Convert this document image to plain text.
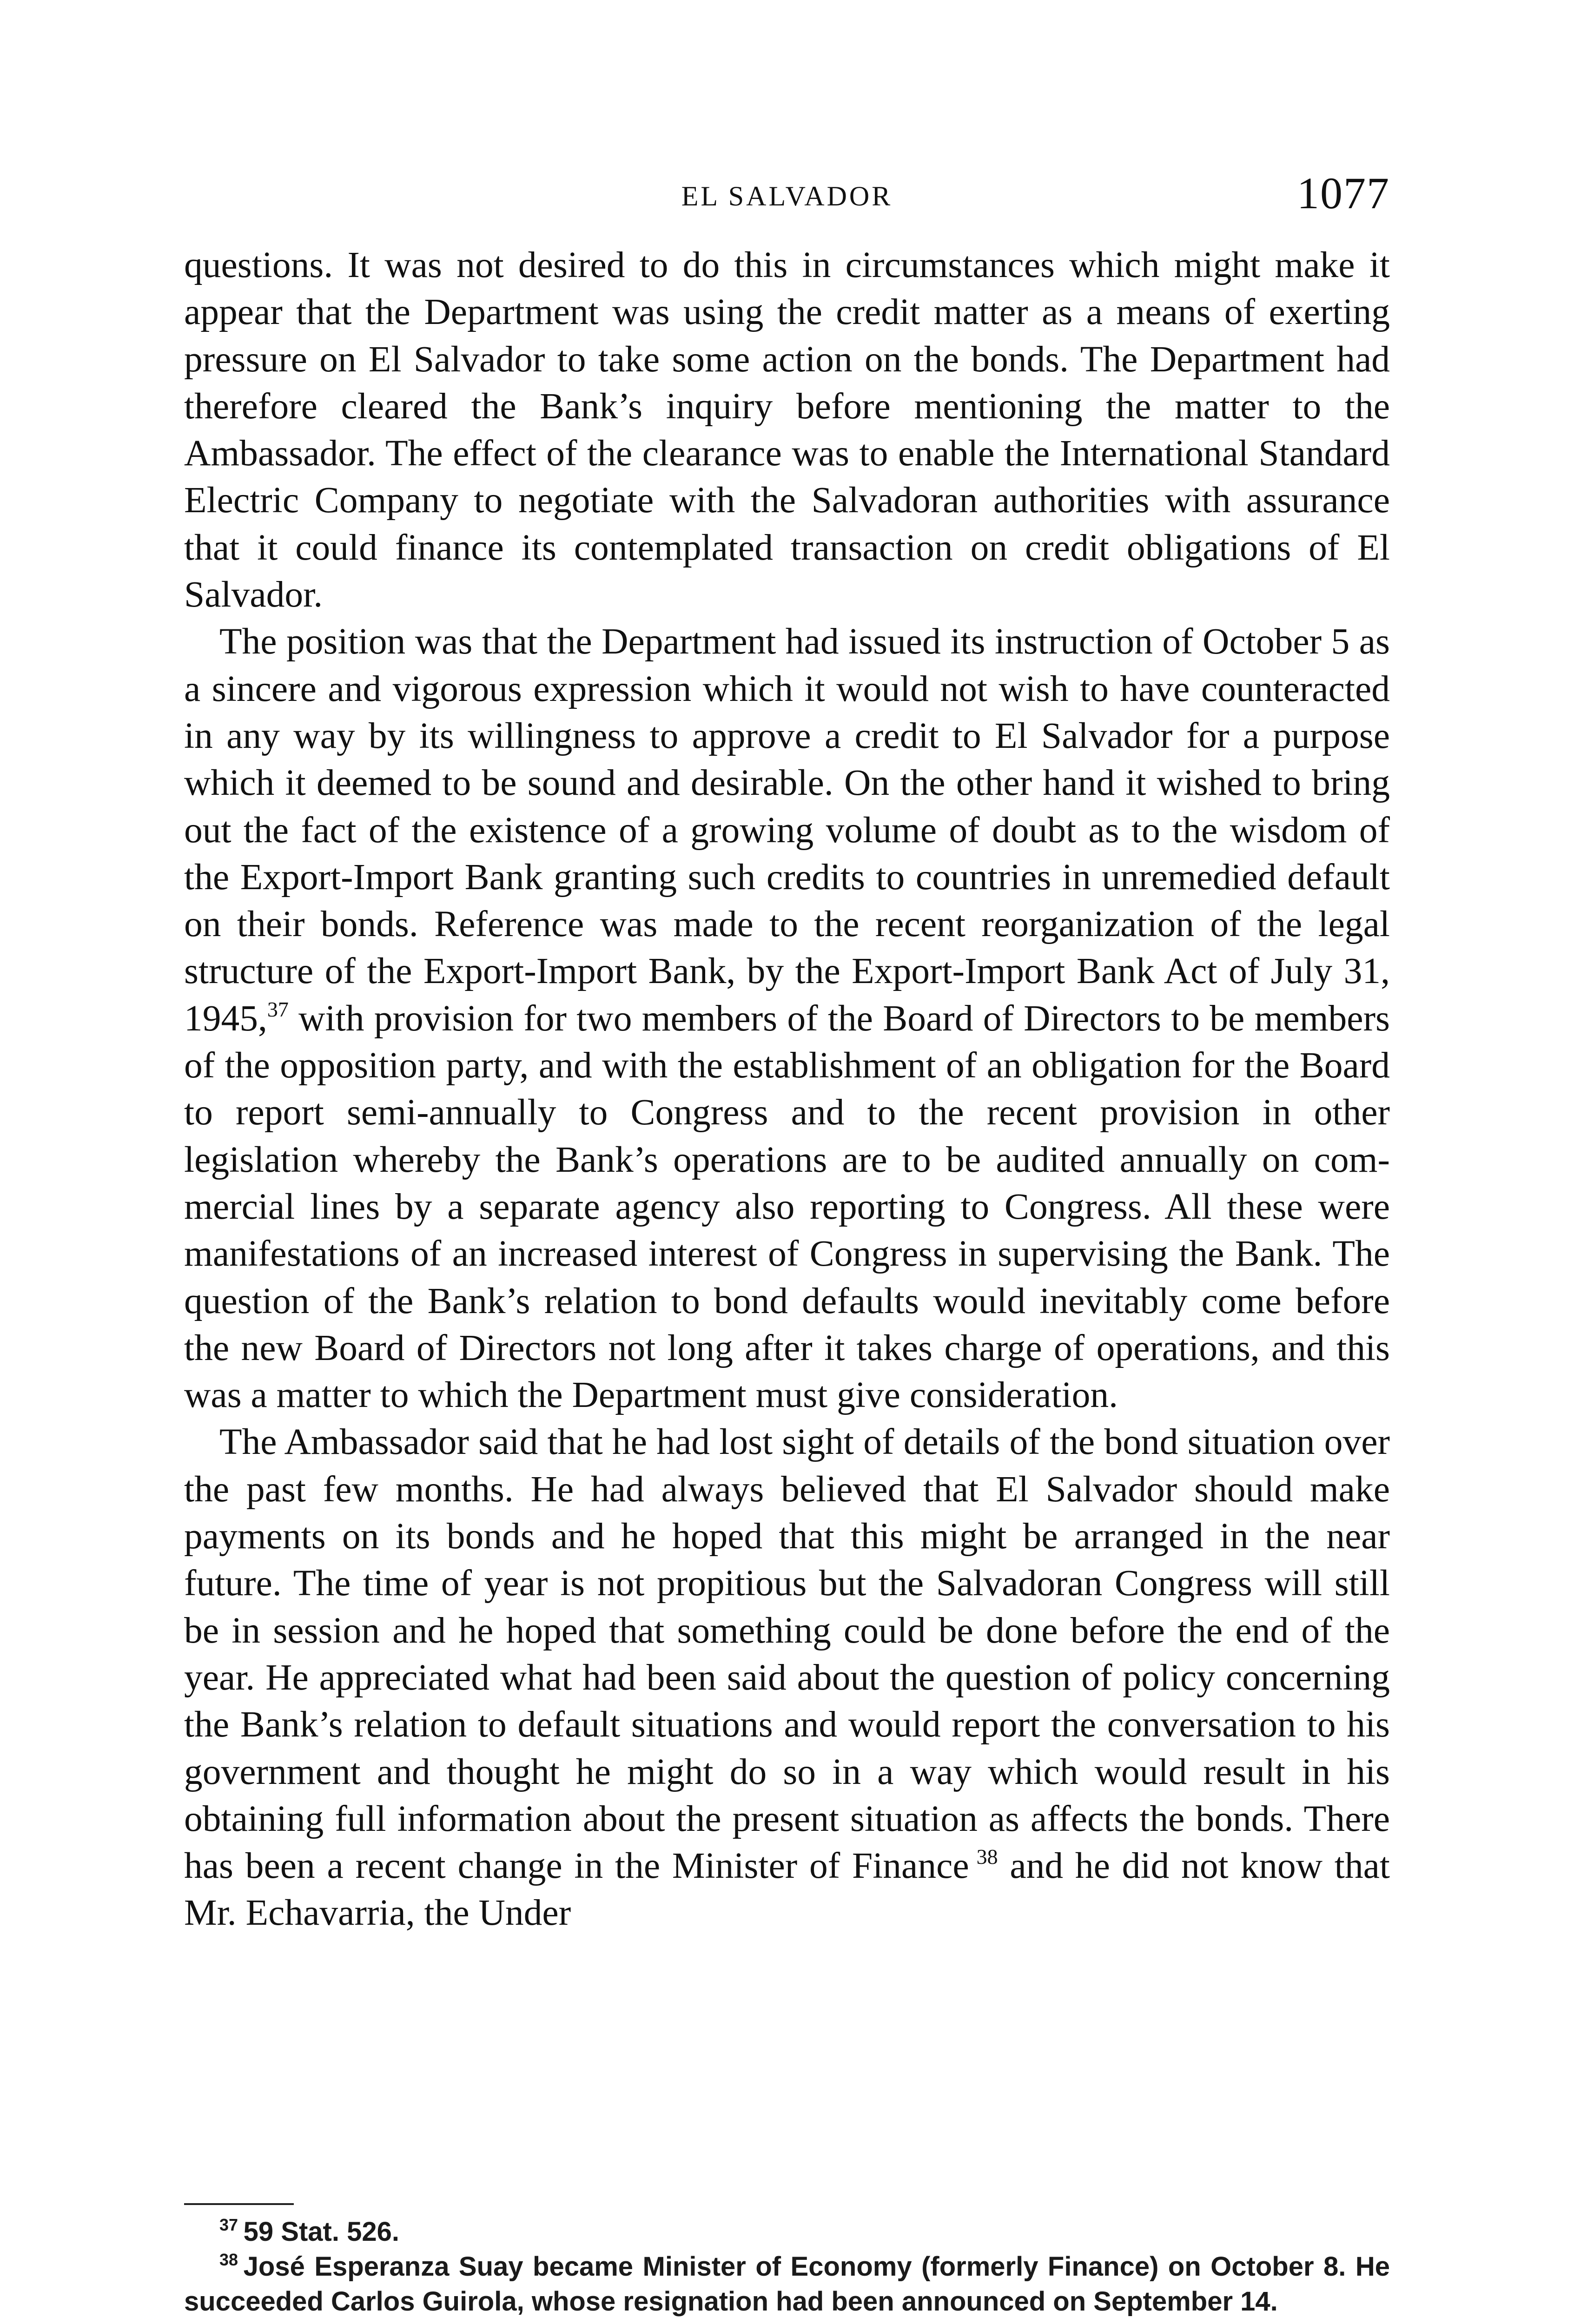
EL SALVADOR	1077

questions. It was not desired to do this in circumstances which might make it appear that the Department was using the credit matter as a means of exerting pressure on El Salvador to take some action on the bonds. The Department had therefore cleared the Bank’s inquiry before mentioning the matter to the Ambassador. The effect of the clearance was to enable the International Standard Electric Company to negotiate with the Salvadoran authorities with assurance that it could finance its contemplated transaction on credit obligations of El Salvador.

The position was that the Department had issued its instruction of October 5 as a sincere and vigorous expression which it would not wish to have counteracted in any way by its willingness to approve a credit to El Salvador for a purpose which it deemed to be sound and desirable. On the other hand it wished to bring out the fact of the existence of a growing volume of doubt as to the wisdom of the Export-Import Bank granting such credits to countries in unremedied default on their bonds. Reference was made to the recent reorganization of the legal structure of the Export-Import Bank, by the Export-Import Bank Act of July 31, 1945,37 with provision for two members of the Board of Directors to be members of the opposition party, and with the establishment of an obligation for the Board to report semi-annually to Congress and to the recent provision in other legislation whereby the Bank’s operations are to be audited annually on commercial lines by a separate agency also reporting to Congress. All these were manifestations of an increased interest of Congress in supervising the Bank. The question of the Bank’s relation to bond defaults would inevitably come before the new Board of Directors not long after it takes charge of operations, and this was a matter to which the Department must give consideration.

The Ambassador said that he had lost sight of details of the bond situation over the past few months. He had always believed that El Salvador should make payments on its bonds and he hoped that this might be arranged in the near future. The time of year is not propitious but the Salvadoran Congress will still be in session and he hoped that something could be done before the end of the year. He appreciated what had been said about the question of policy concerning the Bank’s relation to default situations and would report the conversation to his government and thought he might do so in a way which would result in his obtaining full information about the present situation as affects the bonds. There has been a recent change in the Minister of Finance  $^{38}$ and he did not know that Mr. Echavarria, the Under

$^{37}$  59 Stat. 526.

$^{38}$  José Esperanza Suay became Minister of Economy (formerly Finance) on October 8. He succeeded Carlos Guirola, whose resignation had been announced on September 14.
